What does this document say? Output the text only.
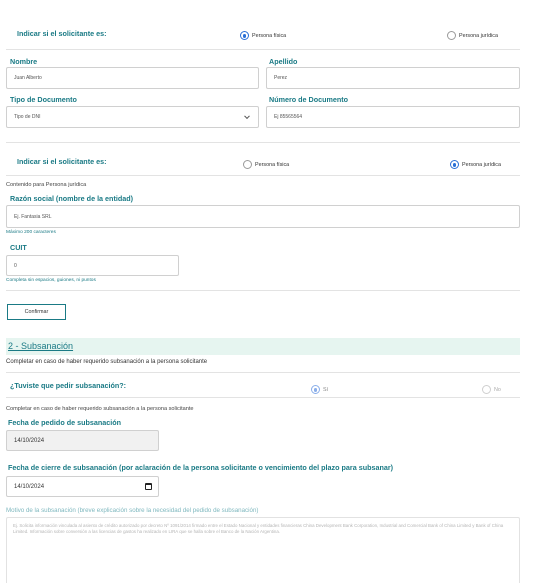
Indicar si el solicitante es:	Persona física	Persona jurídica
Nombre
Juan Alberto
Apellido
Perez
Tipo de Documento
Tipo de DNI
Número de Documento
Ej 85565564
Indicar si el solicitante es:	Persona física	Persona jurídica
Contenido para Persona jurídica
Razón social (nombre de la entidad)
Ej. Fantasia SRL
Máximo 200 caracteres
CUIT
0
Completa sin espacios, guiones, ni puntos
Confirmar
2 - Subsanación
Completar en caso de haber requerido subsanación a la persona solicitante
¿Tuviste que pedir subsanación?:	Sí	No
Completar en caso de haber requerido subsanación a la persona solicitante
Fecha de pedido de subsanación
14/10/2024
Fecha de cierre de subsanación (por aclaración de la persona solicitante o vencimiento del plazo para subsanar)
14/10/2024
Motivo de la subsanación (breve explicación sobre la necesidad del pedido de subsanación)
Ej. Solicita información vinculada al asiento de crédito autorizado por decreto Nº 1091/2014 firmado entre el Estado Nacional y entidades financieras China Development Bank Corporation, Industrial and Comercial Bank of China Limited y Bank of China Limited. Información sobre conversión a las licencias de gastos ha realizado en LIRA que se halla sobre el Banco de la Nación Argentina.
